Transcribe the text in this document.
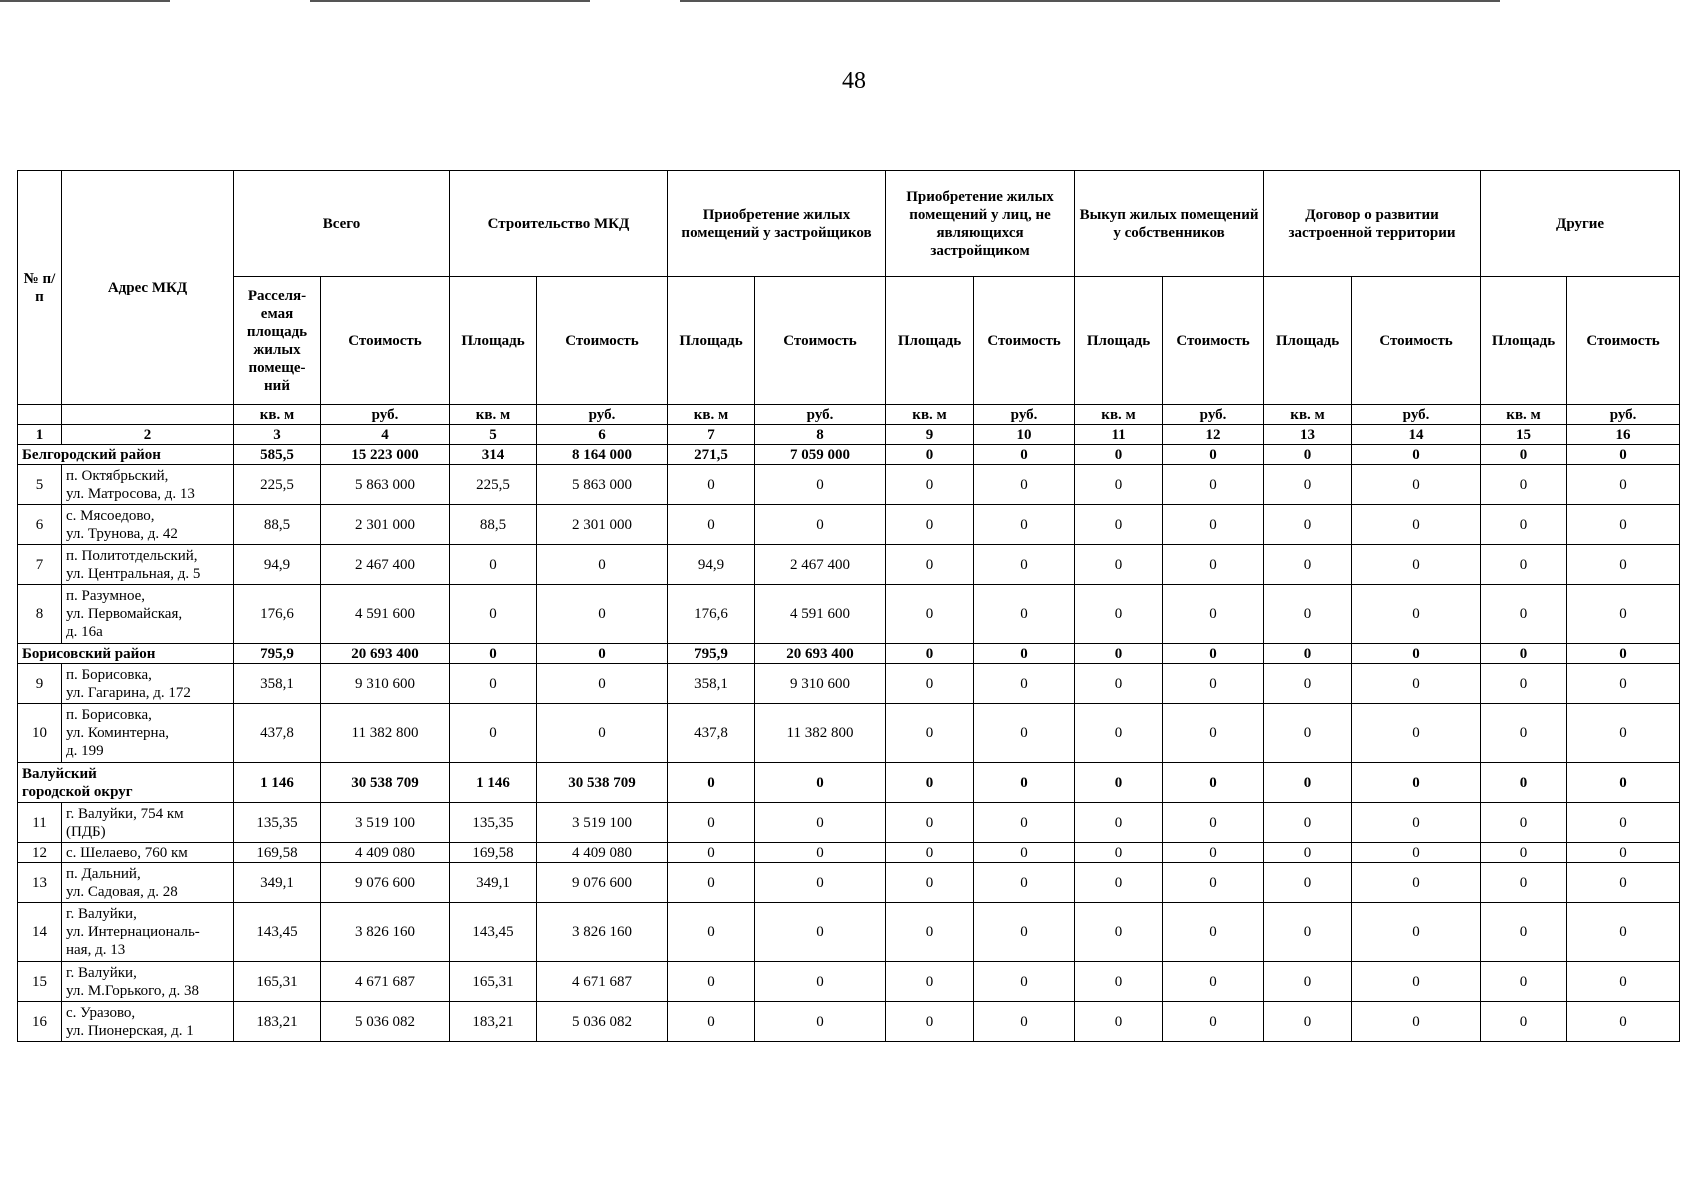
48
№ п/п	Адрес МКД	Всего		Строительство МКД		Приобретение жилых помещений у застройщиков		Приобретение жилых помещений у лиц, не являющихся застройщиком		Выкуп жилых помещений у собственников		Договор о развитии застроенной территории		Другие	
		Расселя- емая площадь жилых помеще- ний	Стоимость	Площадь	Стоимость	Площадь	Стоимость	Площадь	Стоимость	Площадь	Стоимость	Площадь	Стоимость	Площадь	Стоимость
		кв. м	руб.	кв. м	руб.	кв. м	руб.	кв. м	руб.	кв. м	руб.	кв. м	руб.	кв. м	руб.
1	2	3	4	5	6	7	8	9	10	11	12	13	14	15	16
Белгородский район		585,5	15 223 000	314	8 164 000	271,5	7 059 000	0	0	0	0	0	0	0	0
5	п. Октябрьский,
ул. Матросова, д. 13	225,5	5 863 000	225,5	5 863 000	0	0	0	0	0	0	0	0	0	0
6	с. Мясоедово,
ул. Трунова, д. 42	88,5	2 301 000	88,5	2 301 000	0	0	0	0	0	0	0	0	0	0
7	п. Политотдельский,
ул. Центральная, д. 5	94,9	2 467 400	0	0	94,9	2 467 400	0	0	0	0	0	0	0	0
8	п. Разумное,
ул. Первомайская,
д. 16а	176,6	4 591 600	0	0	176,6	4 591 600	0	0	0	0	0	0	0	0
Борисовский район		795,9	20 693 400	0	0	795,9	20 693 400	0	0	0	0	0	0	0	0
9	п. Борисовка,
ул. Гагарина, д. 172	358,1	9 310 600	0	0	358,1	9 310 600	0	0	0	0	0	0	0	0
10	п. Борисовка,
ул. Коминтерна,
д. 199	437,8	11 382 800	0	0	437,8	11 382 800	0	0	0	0	0	0	0	0

Валуйский
городской округ		1 146	30 538 709	1 146	30 538 709	0	0	0	0	0	0	0	0	0	0
11	г. Валуйки, 754 км
(ПДБ)	135,35	3 519 100	135,35	3 519 100	0	0	0	0	0	0	0	0	0	0
12	с. Шелаево, 760 км	169,58	4 409 080	169,58	4 409 080	0	0	0	0	0	0	0	0	0	0
13	п. Дальний,
ул. Садовая, д. 28	349,1	9 076 600	349,1	9 076 600	0	0	0	0	0	0	0	0	0	0
14	г. Валуйки,
ул. Интернациональ-
ная, д. 13	143,45	3 826 160	143,45	3 826 160	0	0	0	0	0	0	0	0	0	0
15	г. Валуйки,
ул. М.Горького, д. 38	165,31	4 671 687	165,31	4 671 687	0	0	0	0	0	0	0	0	0	0
16	с. Уразово,
ул. Пионерская, д. 1	183,21	5 036 082	183,21	5 036 082	0	0	0	0	0	0	0	0	0	0
